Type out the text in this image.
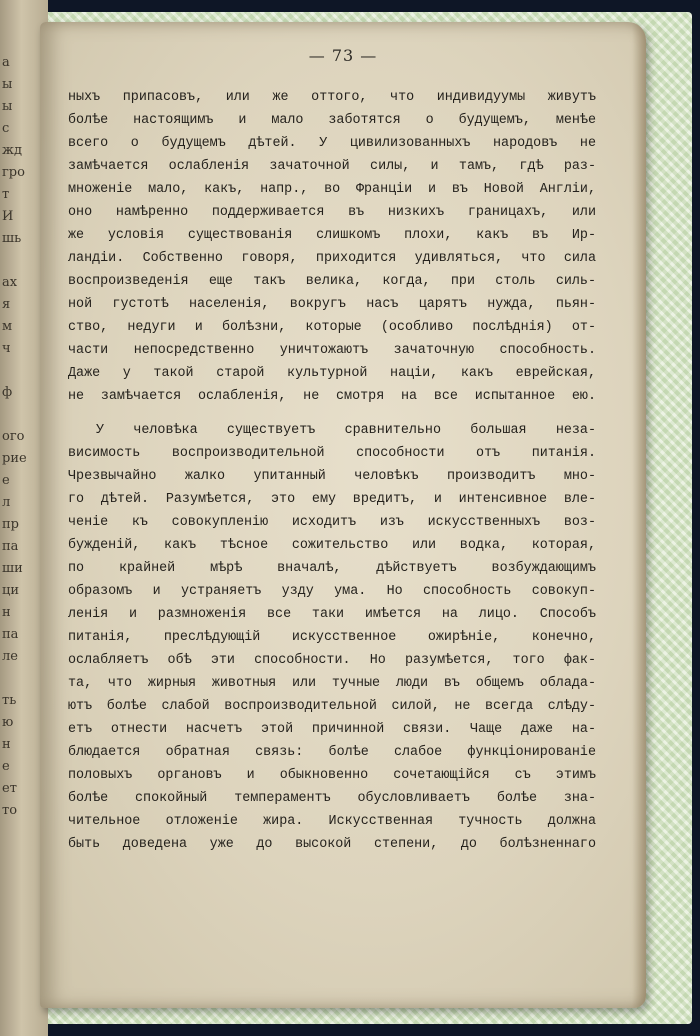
а
ы
ы
с
жд
гро
т
И
шь

ах
я
м
ч

ф

ого
рие
е
л
пр
па
ши
ци
н
па
ле

ть
ю
н
е
ет
то
— 73 —
ныхъ припасовъ, или же оттого, что индивидуумы живутъ
болѣе настоящимъ и мало заботятся о будущемъ, менѣе
всего о будущемъ дѣтей. У цивилизованныхъ народовъ не
замѣчается ослабленія зачаточной силы, и тамъ, гдѣ раз-
множеніе мало, какъ, напр., во Франціи и въ Новой Англіи,
оно намѣренно поддерживается въ низкихъ границахъ, или
же условія существованія слишкомъ плохи, какъ въ Ир-
ландіи. Собственно говоря, приходится удивляться, что сила
воспроизведенія еще такъ велика, когда, при столь силь-
ной густотѣ населенія, вокругъ насъ царятъ нужда, пьян-
ство, недуги и болѣзни, которые (особливо послѣднія) от-
части непосредственно уничтожаютъ зачаточную способность.
Даже у такой старой культурной націи, какъ еврейская,
не замѣчается ослабленія, не смотря на все испытанное ею.
У человѣка существуетъ сравнительно большая неза-
висимость воспроизводительной способности отъ питанія.
Чрезвычайно жалко упитанный человѣкъ производитъ мно-
го дѣтей. Разумѣется, это ему вредитъ, и интенсивное вле-
ченіе къ совокупленію исходитъ изъ искусственныхъ воз-
бужденій, какъ тѣсное сожительство или водка, которая,
по крайней мѣрѣ вначалѣ, дѣйствуетъ возбуждающимъ
образомъ и устраняетъ узду ума. Но способность совокуп-
ленія и размноженія все таки имѣется на лицо. Способъ
питанія, преслѣдующій искусственное ожирѣніе, конечно,
ослабляетъ обѣ эти способности. Но разумѣется, того фак-
та, что жирныя животныя или тучные люди въ общемъ облада-
ютъ болѣе слабой воспроизводительной силой, не всегда слѣду-
етъ отнести насчетъ этой причинной связи. Чаще даже на-
блюдается обратная связь: болѣе слабое функціонированіе
половыхъ органовъ и обыкновенно сочетающійся съ этимъ
болѣе спокойный темпераментъ обусловливаетъ болѣе зна-
чительное отложеніе жира. Искусственная тучность должна
быть доведена уже до высокой степени, до болѣзненнаго
